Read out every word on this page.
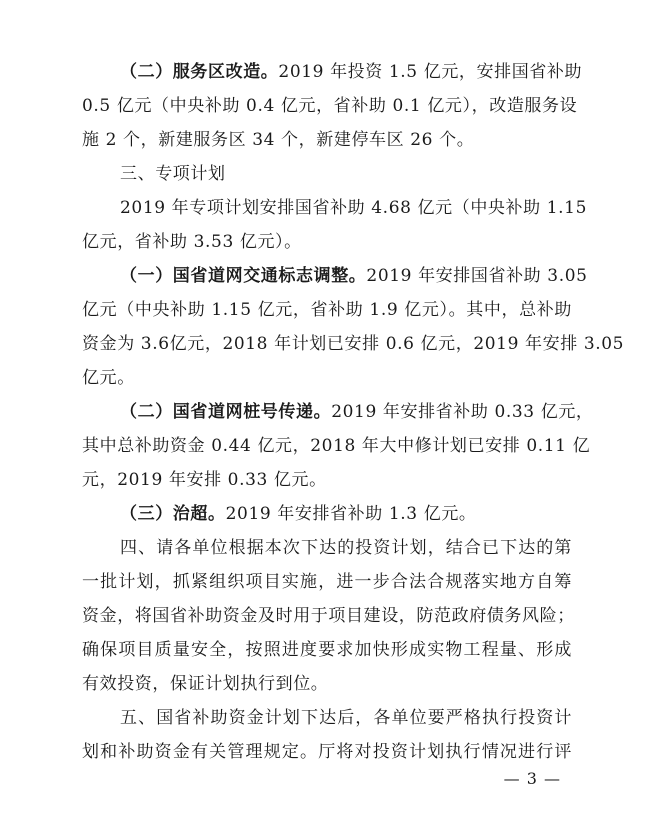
（二）服务区改造。2019 年投资 1.5 亿元，安排国省补助
0.5 亿元（中央补助 0.4 亿元，省补助 0.1 亿元），改造服务设
施 2 个，新建服务区 34 个，新建停车区 26 个。
三、专项计划
2019 年专项计划安排国省补助 4.68 亿元（中央补助 1.15
亿元，省补助 3.53 亿元）。
（一）国省道网交通标志调整。2019 年安排国省补助 3.05
亿元（中央补助 1.15 亿元，省补助 1.9 亿元）。其中，总补助
资金为 3.6亿元，2018 年计划已安排 0.6 亿元，2019 年安排 3.05
亿元。
（二）国省道网桩号传递。2019 年安排省补助 0.33 亿元，
其中总补助资金 0.44 亿元，2018 年大中修计划已安排 0.11 亿
元，2019 年安排 0.33 亿元。
（三）治超。2019 年安排省补助 1.3 亿元。
四、请各单位根据本次下达的投资计划，结合已下达的第
一批计划，抓紧组织项目实施，进一步合法合规落实地方自筹
资金，将国省补助资金及时用于项目建设，防范政府债务风险；
确保项目质量安全，按照进度要求加快形成实物工程量、形成
有效投资，保证计划执行到位。
五、国省补助资金计划下达后，各单位要严格执行投资计
划和补助资金有关管理规定。厅将对投资计划执行情况进行评
— 3 —
